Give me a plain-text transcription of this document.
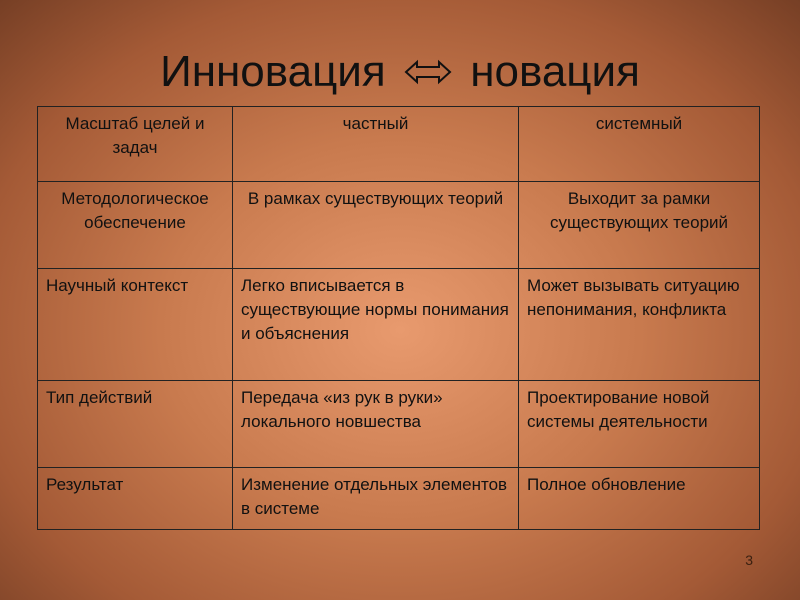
Инновация новация
Масштаб целей и задач	частный	системный
Методологическое обеспечение	В рамках существующих теорий	Выходит за рамки существующих теорий
Научный контекст	Легко вписывается в существующие нормы понимания и объяснения	Может вызывать ситуацию непонимания, конфликта
Тип действий	Передача «из рук в руки» локального новшества	Проектирование новой системы деятельности
Результат	Изменение отдельных элементов в системе	Полное обновление
3
